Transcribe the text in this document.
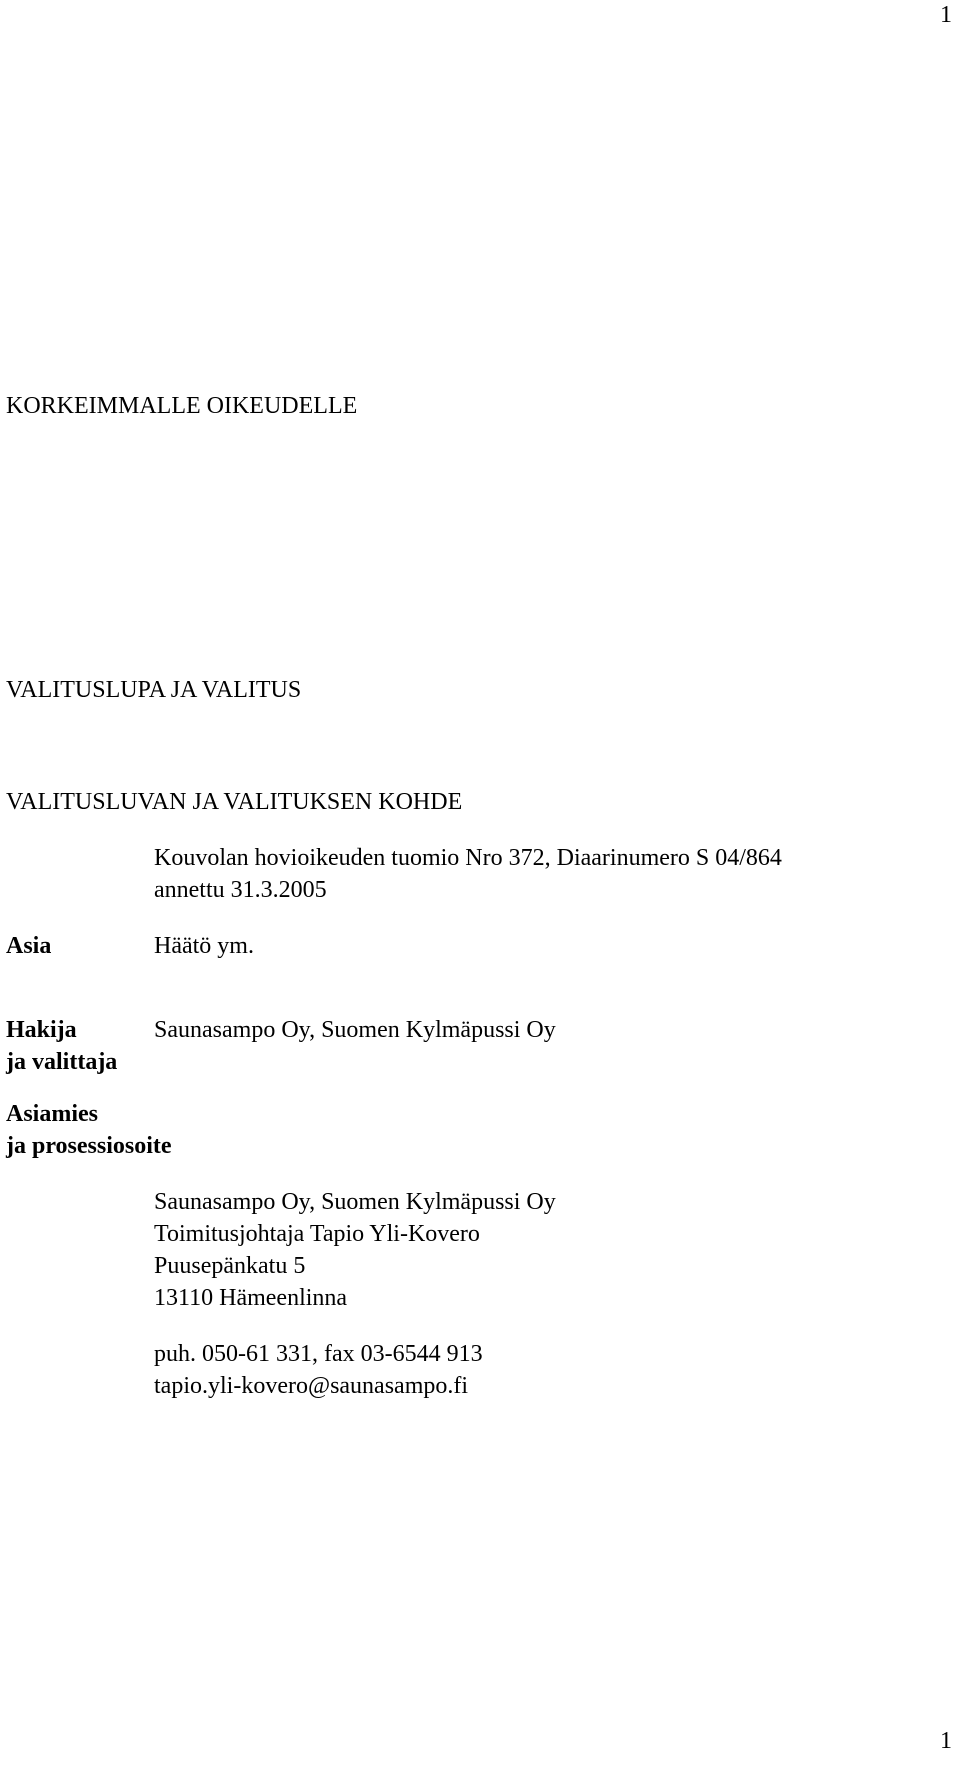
1
KORKEIMMALLE OIKEUDELLE
VALITUSLUPA JA VALITUS
VALITUSLUVAN JA VALITUKSEN KOHDE
Kouvolan hovioikeuden tuomio Nro 372, Diaarinumero S 04/864
annettu 31.3.2005
Asia	Häätö ym.
Hakija
ja valittaja
Saunasampo Oy, Suomen Kylmäpussi Oy
Asiamies
ja prosessiosoite
Saunasampo Oy, Suomen Kylmäpussi Oy
Toimitusjohtaja Tapio Yli-Kovero
Puusepänkatu 5
13110 Hämeenlinna
puh. 050-61 331, fax 03-6544 913
tapio.yli-kovero@saunasampo.fi
1
